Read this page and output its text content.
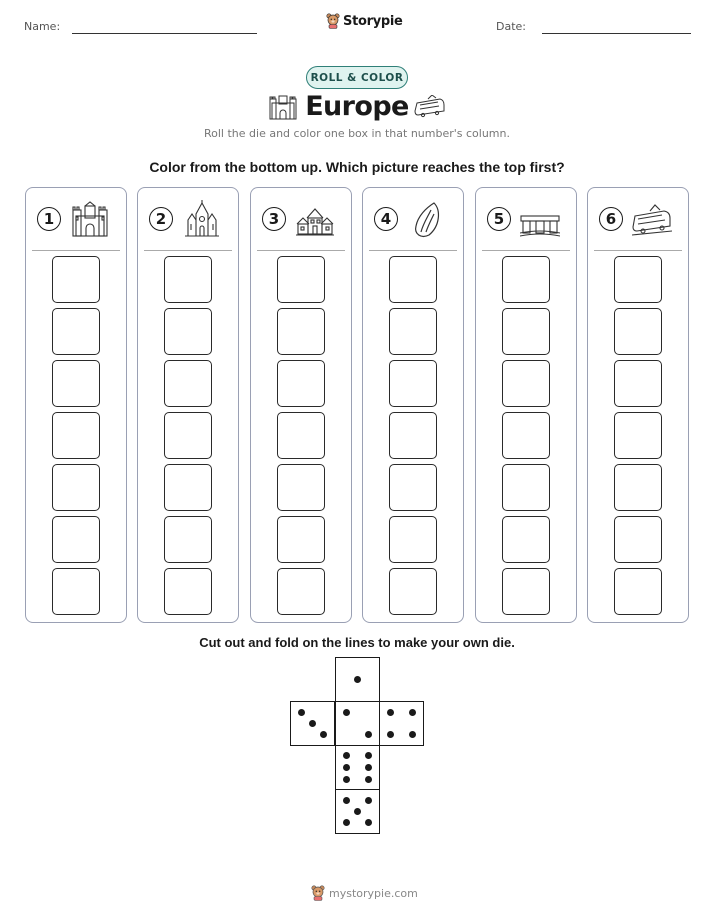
Name:	Storypie	Date:
ROLL & COLOR
Europe
Roll the die and color one box in that number's column.
Color from the bottom up. Which picture reaches the top first?
1	2	3	4	5	6
Cut out and fold on the lines to make your own die.
mystorypie.com
